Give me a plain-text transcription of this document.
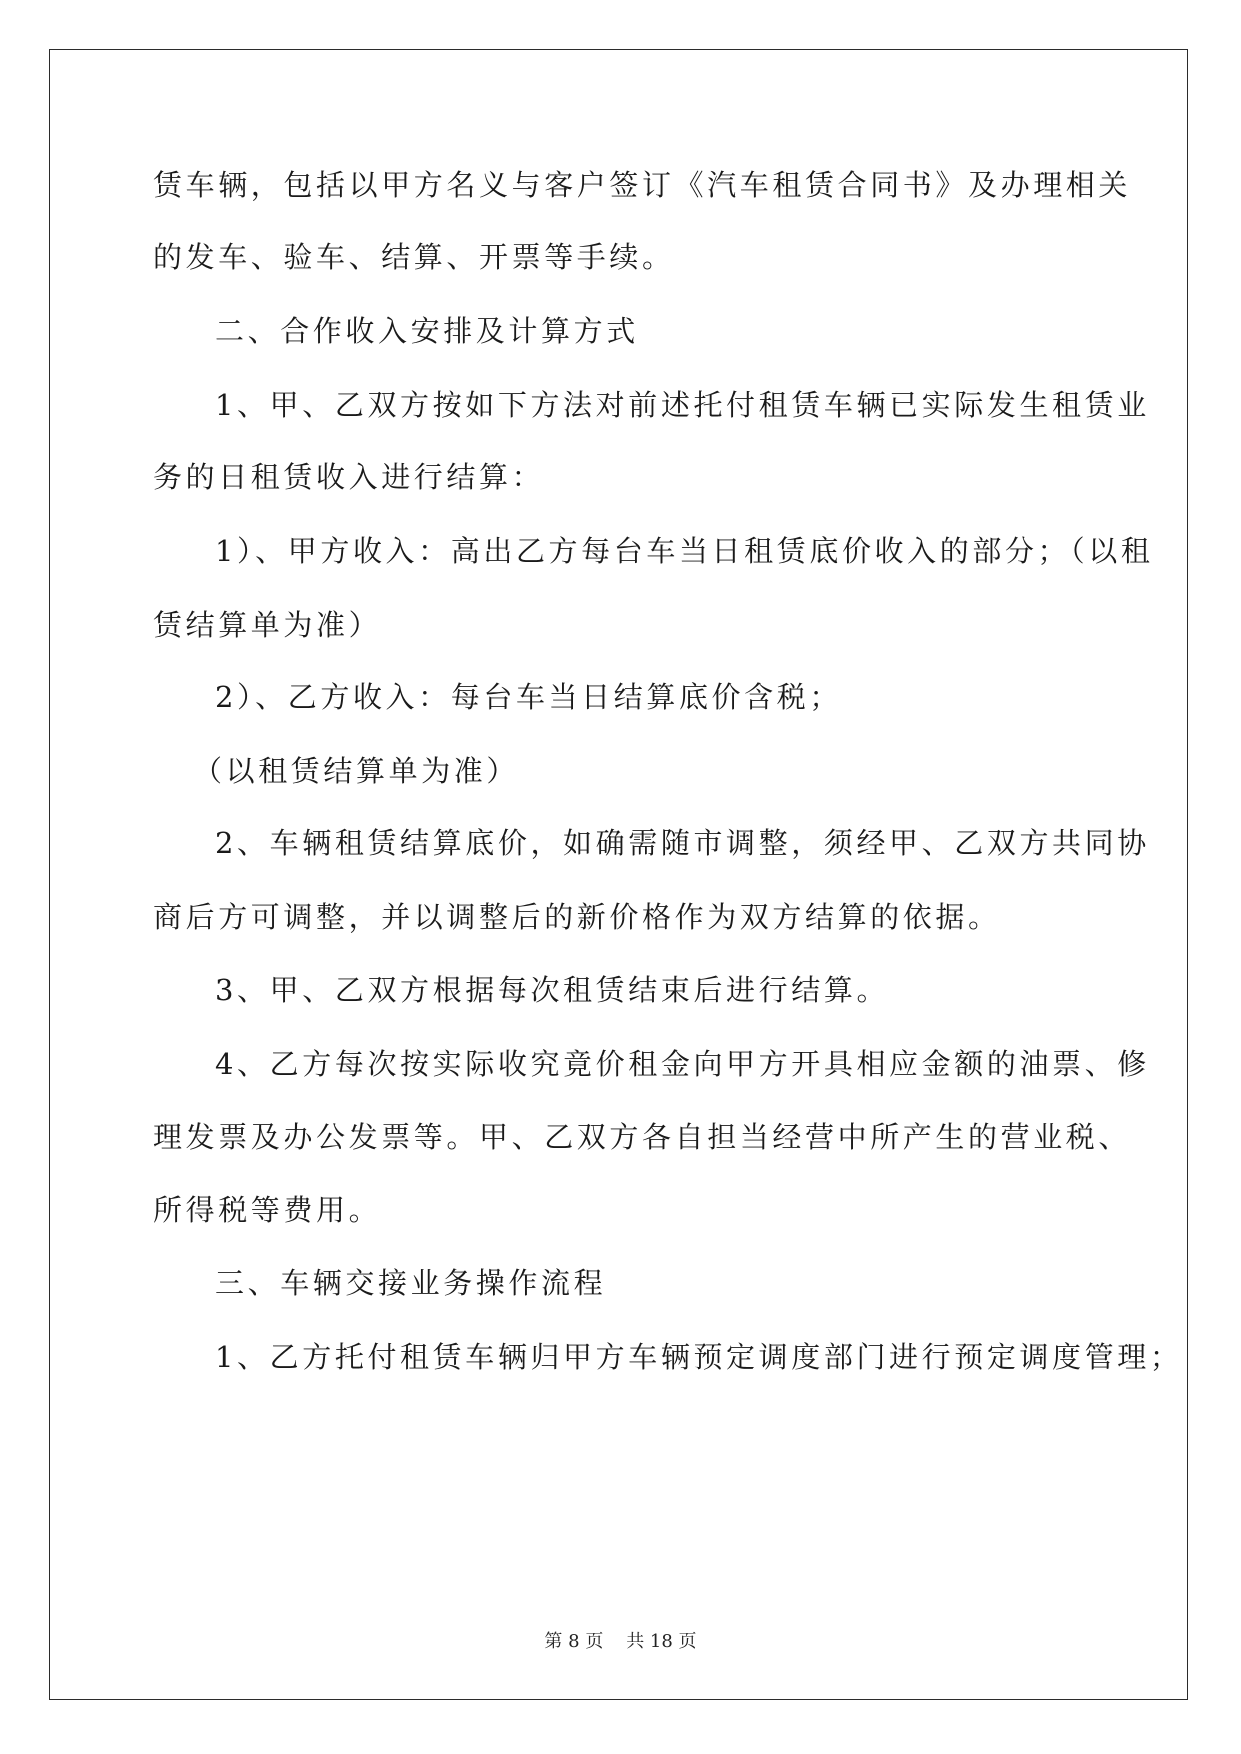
赁车辆，包括以甲方名义与客户签订《汽车租赁合同书》及办理相关
的发车、验车、结算、开票等手续。
二、合作收入安排及计算方式
1、甲、乙双方按如下方法对前述托付租赁车辆已实际发生租赁业
务的日租赁收入进行结算：
1）、甲方收入：高出乙方每台车当日租赁底价收入的部分；（以租
赁结算单为准）
2）、乙方收入：每台车当日结算底价含税；
（以租赁结算单为准）
2、车辆租赁结算底价，如确需随市调整，须经甲、乙双方共同协
商后方可调整，并以调整后的新价格作为双方结算的依据。
3、甲、乙双方根据每次租赁结束后进行结算。
4、乙方每次按实际收究竟价租金向甲方开具相应金额的油票、修
理发票及办公发票等。甲、乙双方各自担当经营中所产生的营业税、
所得税等费用。
三、车辆交接业务操作流程
1、乙方托付租赁车辆归甲方车辆预定调度部门进行预定调度管理；
第 8 页    共 18 页
